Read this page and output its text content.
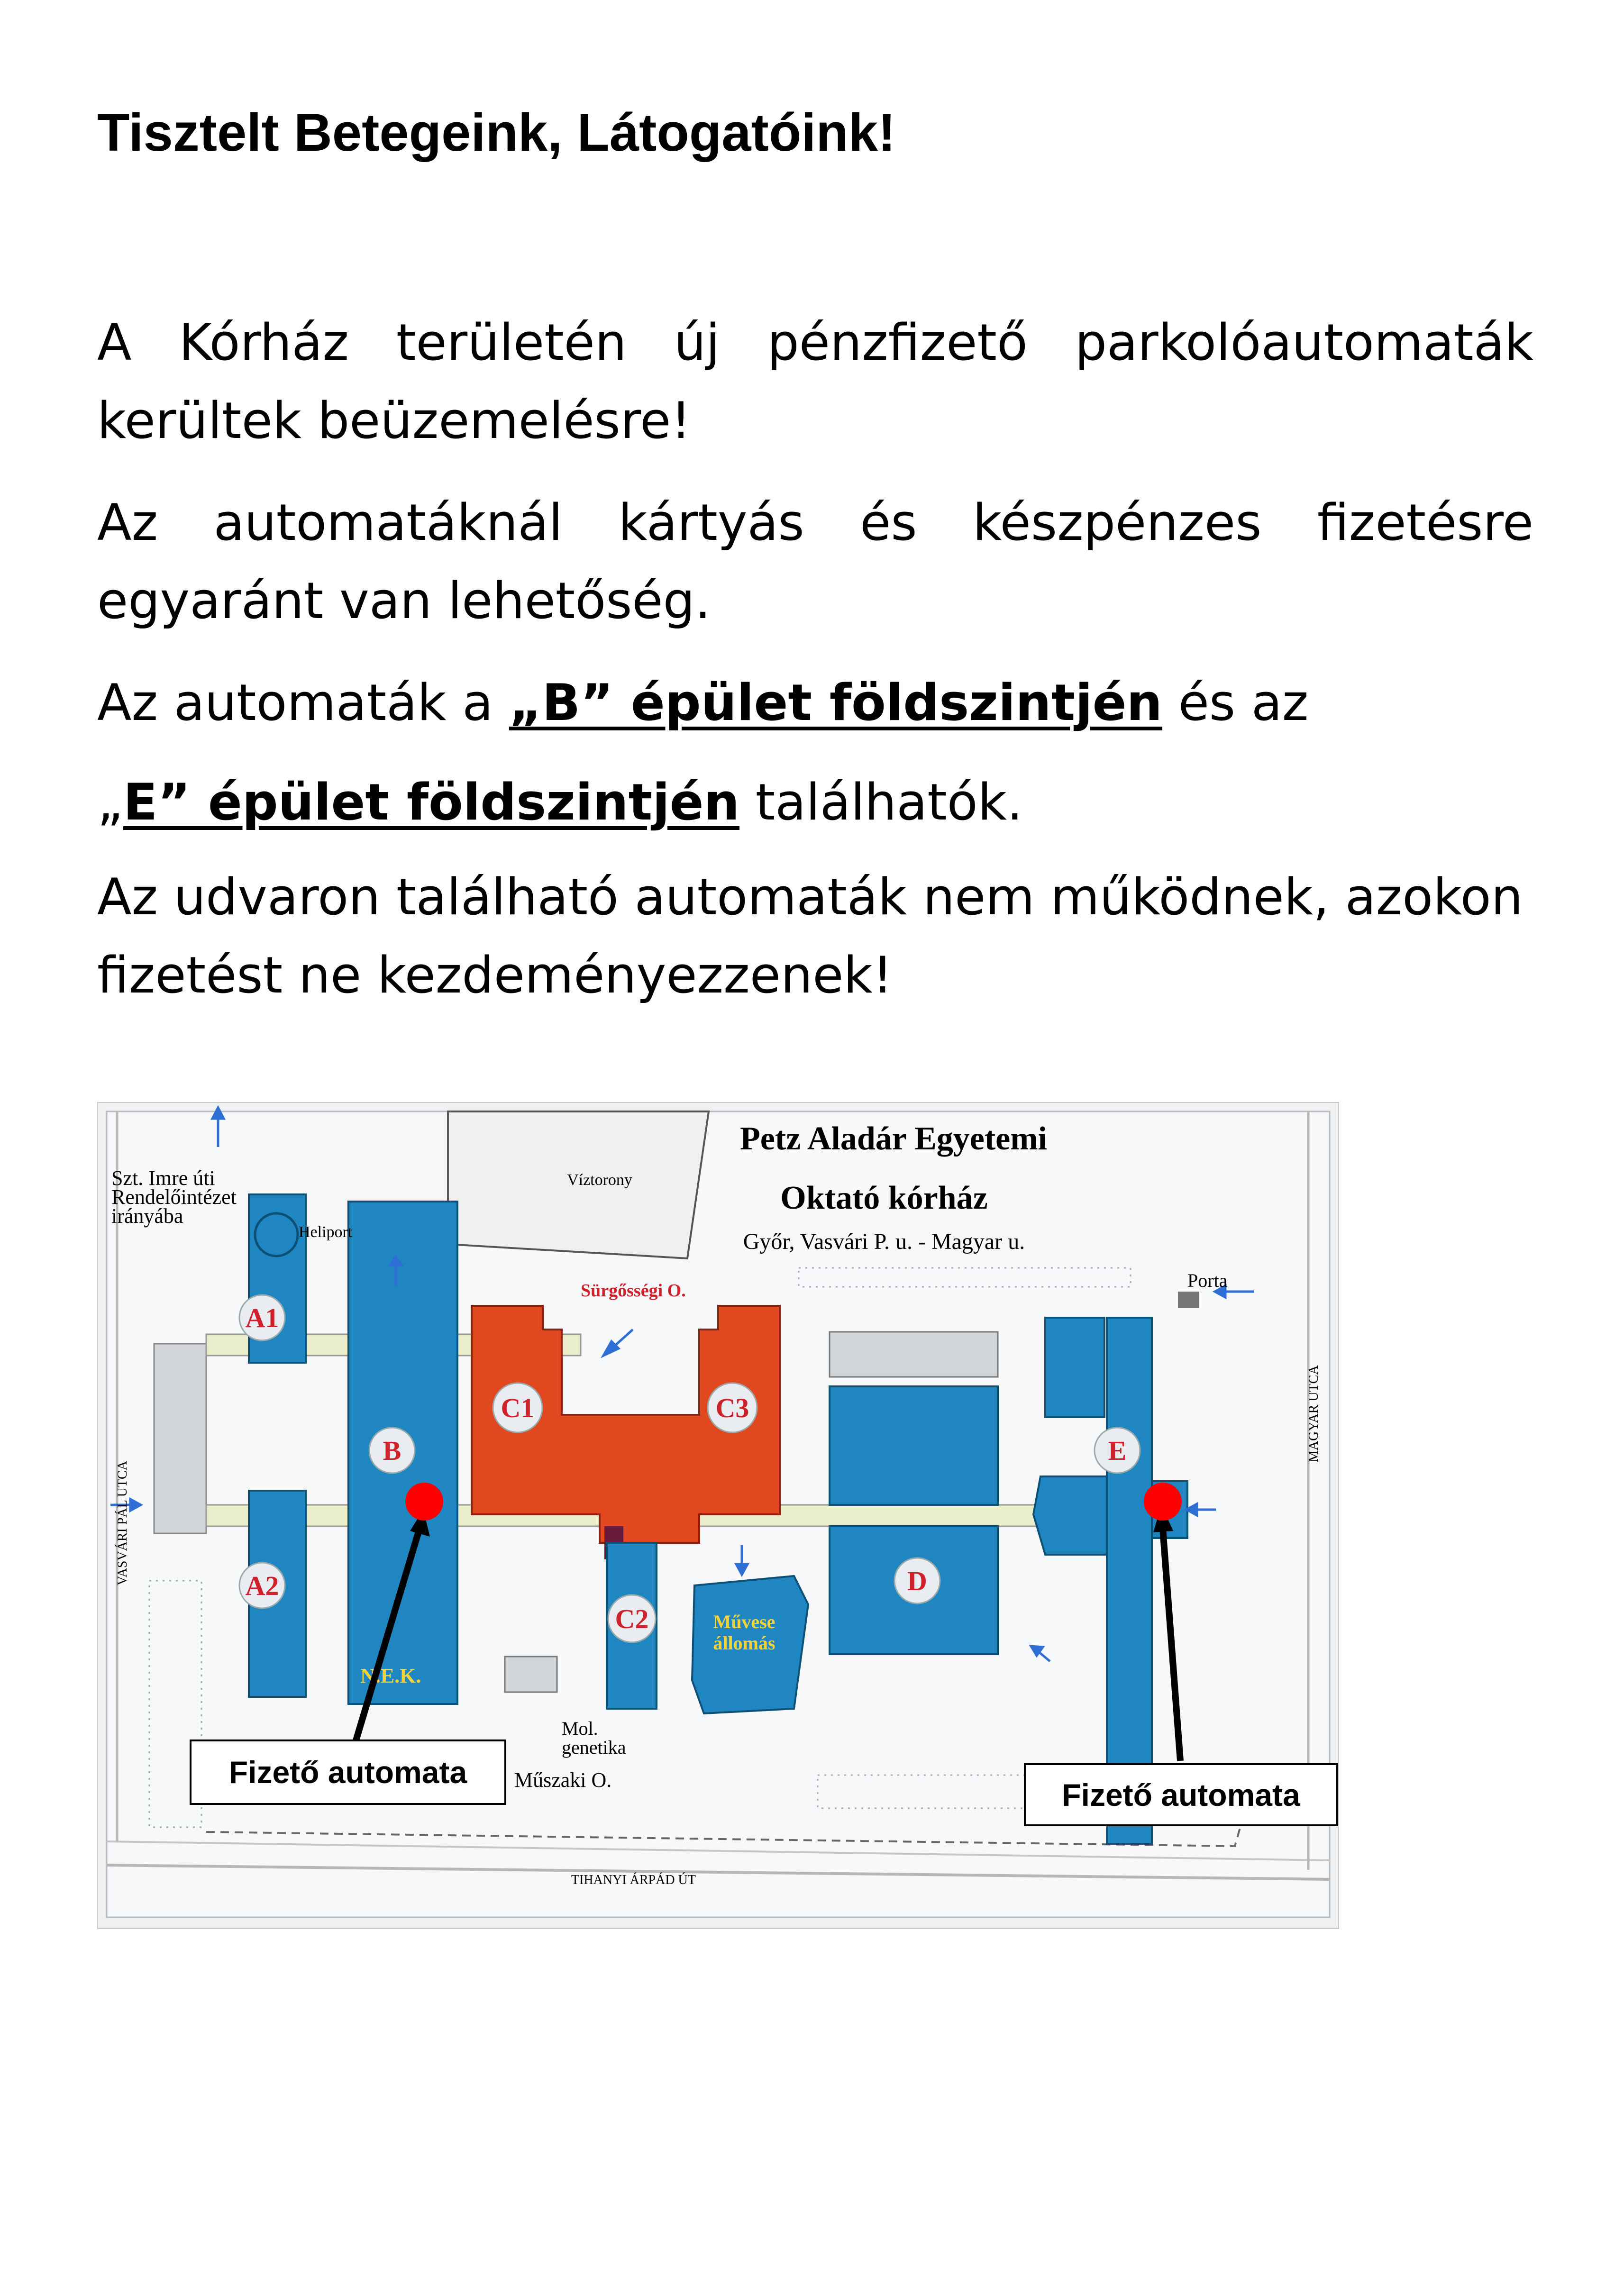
Tisztelt Betegeink, Látogatóink!
A Kórház területén új pénzfizető parkolóautomaták kerültek beüzemelésre!
Az automatáknál kártyás és készpénzes fizetésre egyaránt van lehetőség.
Az automaták a „B” épület földszintjén és az
„E” épület földszintjén találhatók.
Az udvaron található automaták nem működnek, azokon fizetést ne kezdeményezzenek!
A1
A2
B
C1	C3
C2
D
E
Petz Aladár Egyetemi
Oktató kórház
Győr, Vasvári P. u. - Magyar u.
Víztorony
Szt. Imre úti
Rendelőintézet
irányába
Heliport
Sürgősségi O.	Porta
N.E.K.
Művese
állomás
Mol.
genetika
Műszaki O.
VASVÁRI PÁL UTCA
MAGYAR UTCA
TIHANYI ÁRPÁD ÚT
Fizető automata
Fizető automata
